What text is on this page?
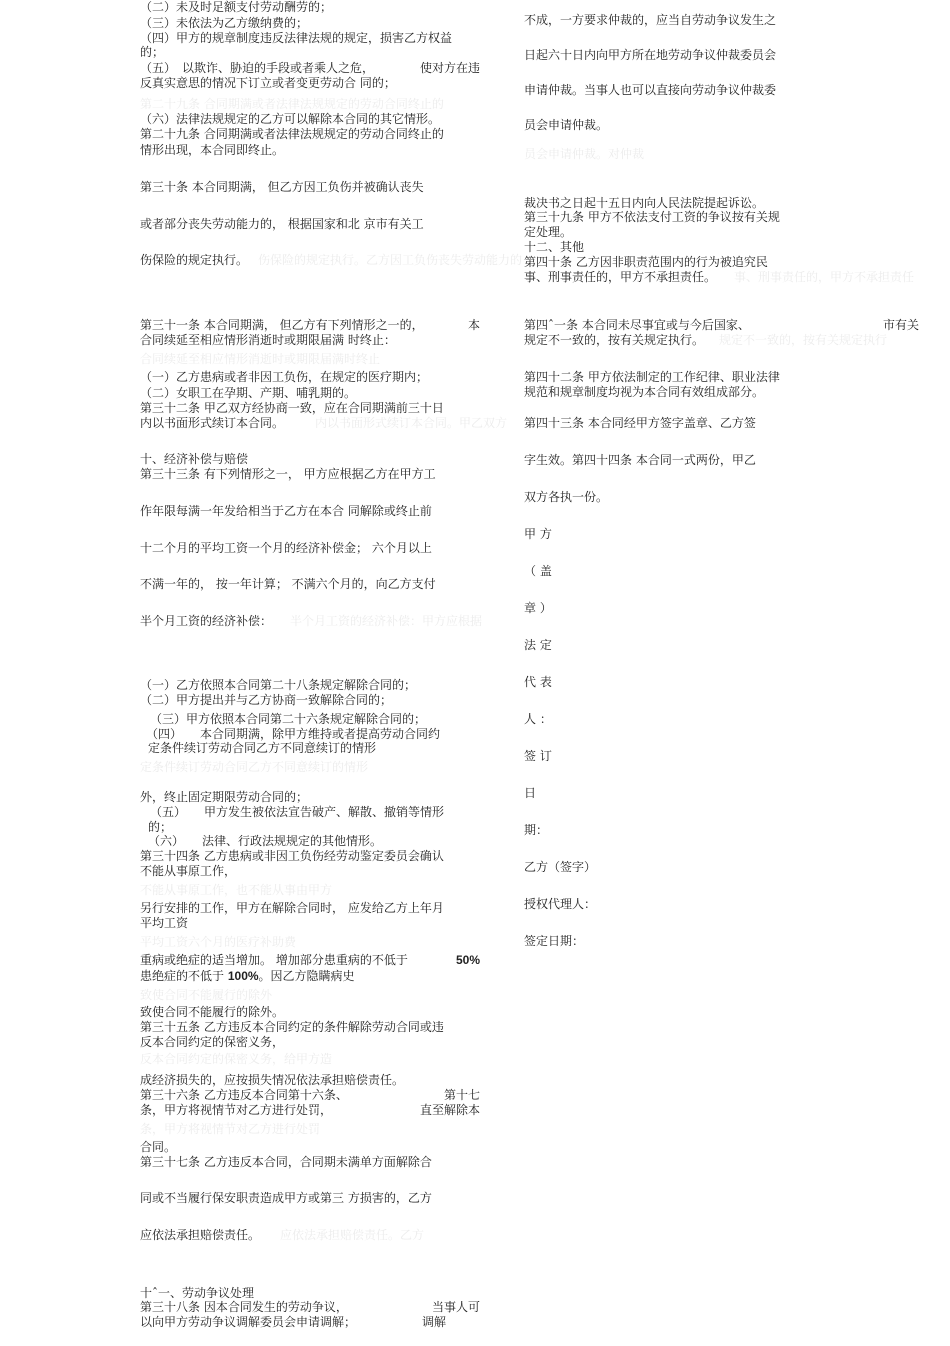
（二）未及时足额支付劳动酬劳的；
（三）未依法为乙方缴纳费的；
（四）甲方的规章制度违反法律法规的规定，损害乙方权益
的；
（五）　以欺诈、胁迫的手段或者乘人之危，	使对方在违
反真实意思的情况下订立或者变更劳动合 同的；
第二十九条 合同期满或者法律法规规定的劳动合同终止的
（六）法律法规规定的乙方可以解除本合同的其它情形。
第二十九条 合同期满或者法律法规规定的劳动合同终止的
情形出现，本合同即终止。
第三十条 本合同期满， 但乙方因工负伤并被确认丧失
或者部分丧失劳动能力的， 根据国家和北 京市有关工
伤保险的规定执行。 伤保险的规定执行。乙方因工负伤丧失劳动能力的
第三十一条 本合同期满， 但乙方有下列情形之一的，	本
合同续延至相应情形消逝时或期限届满 时终止：
合同续延至相应情形消逝时或期限届满时终止
（一）乙方患病或者非因工负伤，在规定的医疗期内；
（二）女职工在孕期、产期、哺乳期的。
第三十二条 甲乙双方经协商一致，应在合同期满前三十日
内以书面形式续订本合同。	内以书面形式续订本合同。甲乙双方
十、经济补偿与赔偿
第三十三条 有下列情形之一， 甲方应根据乙方在甲方工
作年限每满一年发给相当于乙方在本合 同解除或终止前
十二个月的平均工资一个月的经济补偿金； 六个月以上
不满一年的， 按一年计算； 不满六个月的，向乙方支付
半个月工资的经济补偿： 半个月工资的经济补偿：甲方应根据
（一）乙方依照本合同第二十八条规定解除合同的；
（二）甲方提出并与乙方协商一致解除合同的；
（三）甲方依照本合同第二十六条规定解除合同的；
（四）　　本合同期满，除甲方维持或者提高劳动合同约
定条件续订劳动合同乙方不同意续订的情形
定条件续订劳动合同乙方不同意续订的情形
外，终止固定期限劳动合同的；
（五）　　甲方发生被依法宣告破产、解散、撤销等情形
的；
（六）　　法律、行政法规规定的其他情形。
第三十四条 乙方患病或非因工负伤经劳动鉴定委员会确认
不能从事原工作，
不能从事原工作，也不能从事由甲方
另行安排的工作，甲方在解除合同时， 应发给乙方上年月
平均工资
平均工资六个月的医疗补助费
重病或绝症的适当增加。 增加部分患重病的不低于	50%
患绝症的不低于 100%。因乙方隐瞒病史
致使合同不能履行的除外
致使合同不能履行的除外。
第三十五条 乙方违反本合同约定的条件解除劳动合同或违
反本合同约定的保密义务，
反本合同约定的保密义务，给甲方造
成经济损失的，应按损失情况依法承担赔偿责任。
第三十六条 乙方违反本合同第十六条、	第十七
条，甲方将视情节对乙方进行处罚，	直至解除本
条，甲方将视情节对乙方进行处罚
合同。
第三十七条 乙方违反本合同，合同期未满单方面解除合
同或不当履行保安职责造成甲方或第三 方损害的，乙方
应依法承担赔偿责任。 应依法承担赔偿责任。乙方
十ˆ一、劳动争议处理
第三十八条 因本合同发生的劳动争议，	当事人可
以向甲方劳动争议调解委员会申请调解；	调解
不成，一方要求仲裁的，应当自劳动争议发生之
日起六十日内向甲方所在地劳动争议仲裁委员会
申请仲裁。当事人也可以直接向劳动争议仲裁委
员会申请仲裁。
员会申请仲裁。对仲裁
裁决书之日起十五日内向人民法院提起诉讼。
第三十九条 甲方不依法支付工资的争议按有关规
定处理。
十二、其他
第四十条 乙方因非职责范围内的行为被追究民
事、刑事责任的，甲方不承担责任。 事、刑事责任的，甲方不承担责任
第四ˆ一条 本合同未尽事宜或与今后国家、	市有关
规定不一致的，按有关规定执行。 规定不一致的，按有关规定执行
第四十二条 甲方依法制定的工作纪律、职业法律
规范和规章制度均视为本合同有效组成部分。
第四十三条 本合同经甲方签字盖章、乙方签
字生效。第四十四条 本合同一式两份，甲乙
双方各执一份。
甲 方
（ 盖
章 ）
法 定
代 表
人 ：
签 订
日
期：
乙方（签字）
授权代理人：
签定日期：
